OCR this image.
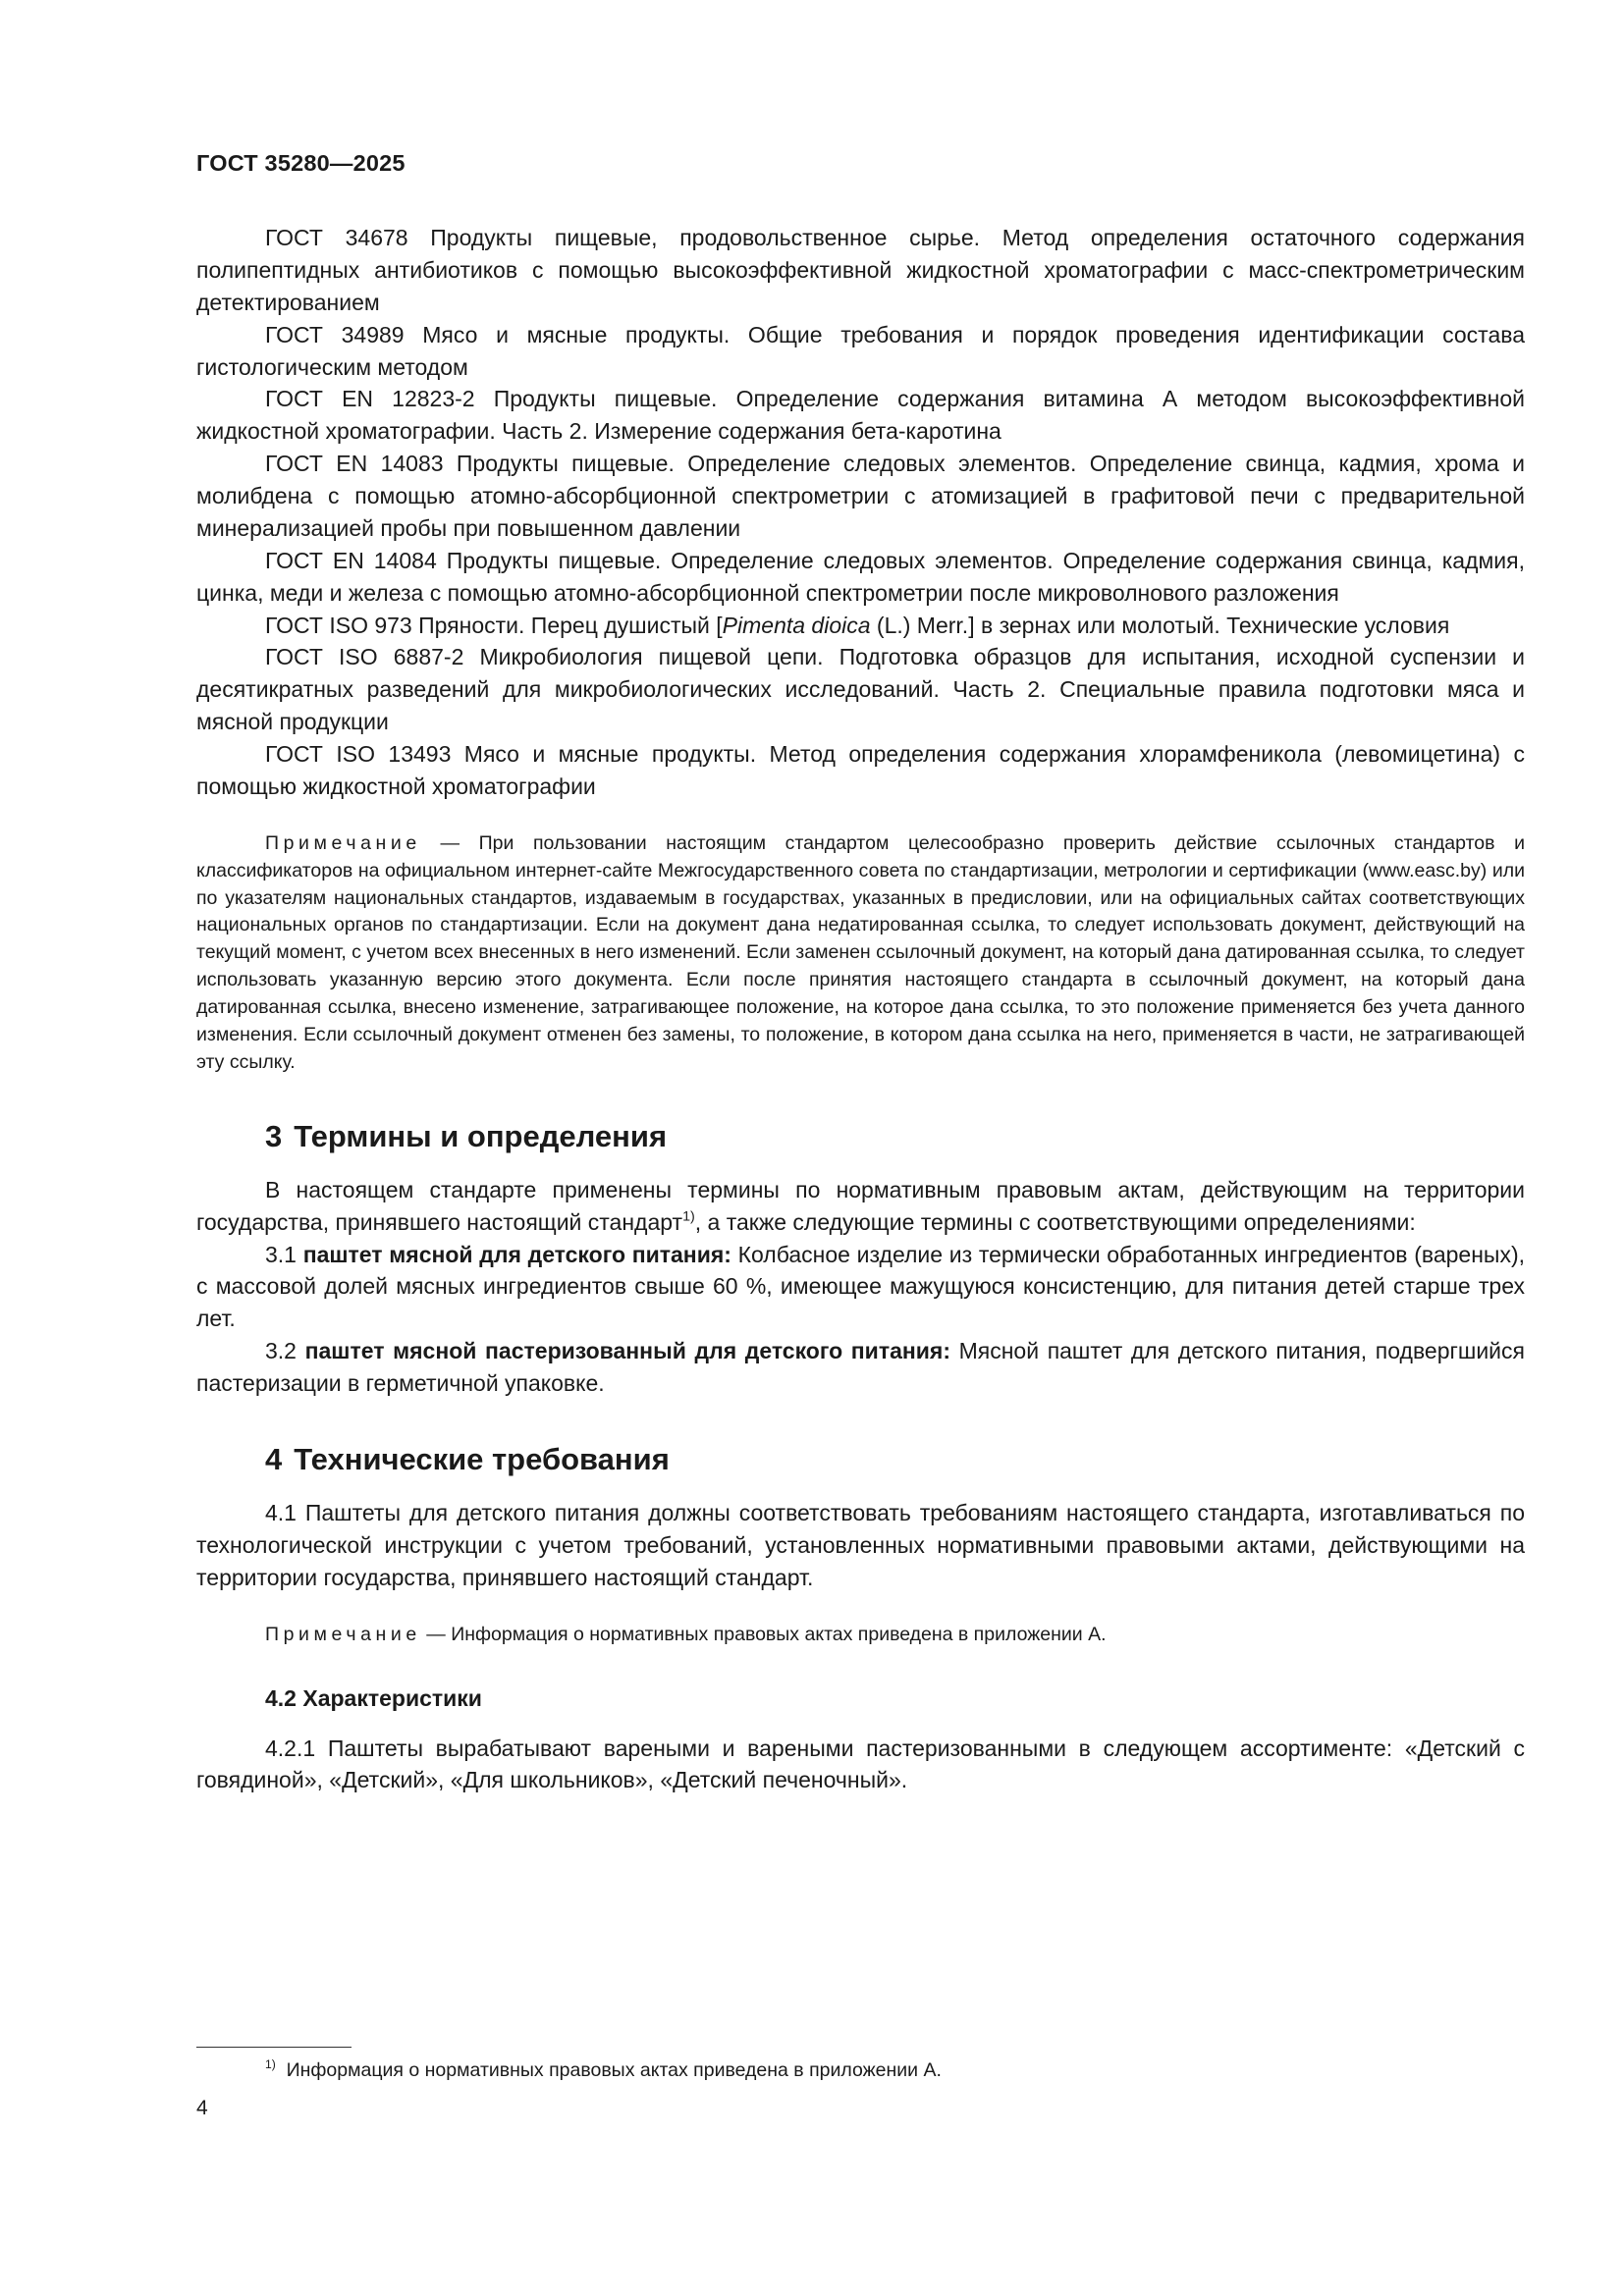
ГОСТ 35280—2025

ГОСТ 34678 Продукты пищевые, продовольственное сырье. Метод определения остаточного содержания полипептидных антибиотиков с помощью высокоэффективной жидкостной хроматографии с масс-спектрометрическим детектированием

ГОСТ 34989 Мясо и мясные продукты. Общие требования и порядок проведения идентификации состава гистологическим методом

ГОСТ EN 12823-2 Продукты пищевые. Определение содержания витамина А методом высокоэффективной жидкостной хроматографии. Часть 2. Измерение содержания бета-каротина

ГОСТ EN 14083 Продукты пищевые. Определение следовых элементов. Определение свинца, кадмия, хрома и молибдена с помощью атомно-абсорбционной спектрометрии с атомизацией в графитовой печи с предварительной минерализацией пробы при повышенном давлении

ГОСТ EN 14084 Продукты пищевые. Определение следовых элементов. Определение содержания свинца, кадмия, цинка, меди и железа с помощью атомно-абсорбционной спектрометрии после микроволнового разложения

ГОСТ ISO 973 Пряности. Перец душистый [Pimenta dioica (L.) Merr.] в зернах или молотый. Технические условия

ГОСТ ISO 6887-2 Микробиология пищевой цепи. Подготовка образцов для испытания, исходной суспензии и десятикратных разведений для микробиологических исследований. Часть 2. Специальные правила подготовки мяса и мясной продукции

ГОСТ ISO 13493 Мясо и мясные продукты. Метод определения содержания хлорамфеникола (левомицетина) с помощью жидкостной хроматографии

Примечание — При пользовании настоящим стандартом целесообразно проверить действие ссылочных стандартов и классификаторов на официальном интернет-сайте Межгосударственного совета по стандартизации, метрологии и сертификации (www.easc.by) или по указателям национальных стандартов, издаваемым в государствах, указанных в предисловии, или на официальных сайтах соответствующих национальных органов по стандартизации. Если на документ дана недатированная ссылка, то следует использовать документ, действующий на текущий момент, с учетом всех внесенных в него изменений. Если заменен ссылочный документ, на который дана датированная ссылка, то следует использовать указанную версию этого документа. Если после принятия настоящего стандарта в ссылочный документ, на который дана датированная ссылка, внесено изменение, затрагивающее положение, на которое дана ссылка, то это положение применяется без учета данного изменения. Если ссылочный документ отменен без замены, то положение, в котором дана ссылка на него, применяется в части, не затрагивающей эту ссылку.

3 Термины и определения

В настоящем стандарте применены термины по нормативным правовым актам, действующим на территории государства, принявшего настоящий стандарт$^{1)}$, а также следующие термины с соответствующими определениями:

3.1 паштет мясной для детского питания: Колбасное изделие из термически обработанных ингредиентов (вареных), с массовой долей мясных ингредиентов свыше 60 %, имеющее мажущуюся консистенцию, для питания детей старше трех лет.

3.2 паштет мясной пастеризованный для детского питания: Мясной паштет для детского питания, подвергшийся пастеризации в герметичной упаковке.

4 Технические требования

4.1 Паштеты для детского питания должны соответствовать требованиям настоящего стандарта, изготавливаться по технологической инструкции с учетом требований, установленных нормативными правовыми актами, действующими на территории государства, принявшего настоящий стандарт.

Примечание — Информация о нормативных правовых актах приведена в приложении А.

4.2 Характеристики

4.2.1 Паштеты вырабатывают вареными и вареными пастеризованными в следующем ассортименте: «Детский с говядиной», «Детский», «Для школьников», «Детский печеночный».

$^{1)}$ Информация о нормативных правовых актах приведена в приложении А.
4
